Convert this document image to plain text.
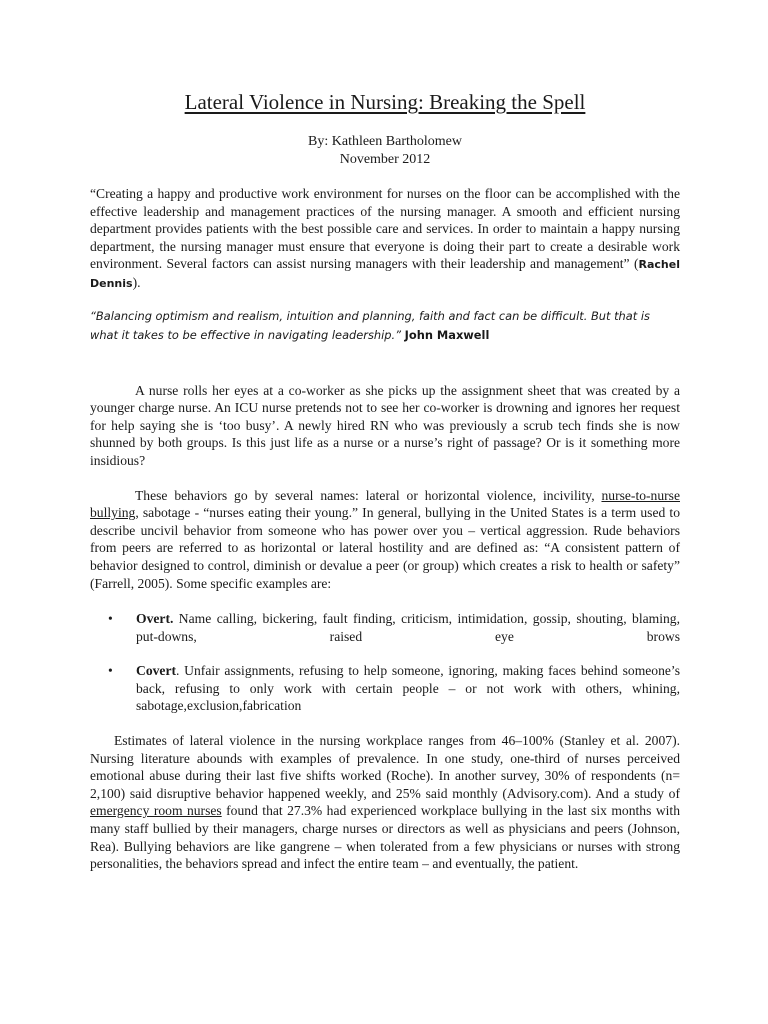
Lateral Violence in Nursing: Breaking the Spell
By: Kathleen Bartholomew
November 2012

“Creating a happy and productive work environment for nurses on the floor can be accomplished with the effective leadership and management practices of the nursing manager. A smooth and efficient nursing department provides patients with the best possible care and services. In order to maintain a happy nursing department, the nursing manager must ensure that everyone is doing their part to create a desirable work environment. Several factors can assist nursing managers with their leadership and management” (Rachel Dennis).

“Balancing optimism and realism, intuition and planning, faith and fact can be difficult. But that is what it takes to be effective in navigating leadership.” John Maxwell

A nurse rolls her eyes at a co-worker as she picks up the assignment sheet that was created by a younger charge nurse. An ICU nurse pretends not to see her co-worker is drowning and ignores her request for help saying she is ‘too busy’. A newly hired RN who was previously a scrub tech finds she is now shunned by both groups. Is this just life as a nurse or a nurse’s right of passage? Or is it something more insidious?

These behaviors go by several names: lateral or horizontal violence, incivility, nurse-to-nurse bullying, sabotage - “nurses eating their young.” In general, bullying in the United States is a term used to describe uncivil behavior from someone who has power over you – vertical aggression. Rude behaviors from peers are referred to as horizontal or lateral hostility and are defined as: “A consistent pattern of behavior designed to control, diminish or devalue a peer (or group) which creates a risk to health or safety” (Farrell, 2005). Some specific examples are:

• Overt. Name calling, bickering, fault finding, criticism, intimidation, gossip, shouting, blaming, put-downs, raised eye brows
• Covert. Unfair assignments, refusing to help someone, ignoring, making faces behind someone’s back, refusing to only work with certain people – or not work with others, whining, sabotage,exclusion,fabrication

Estimates of lateral violence in the nursing workplace ranges from 46–100% (Stanley et al. 2007). Nursing literature abounds with examples of prevalence. In one study, one-third of nurses perceived emotional abuse during their last five shifts worked (Roche). In another survey, 30% of respondents (n= 2,100) said disruptive behavior happened weekly, and 25% said monthly (Advisory.com). And a study of emergency room nurses found that 27.3% had experienced workplace bullying in the last six months with many staff bullied by their managers, charge nurses or directors as well as physicians and peers (Johnson, Rea). Bullying behaviors are like gangrene – when tolerated from a few physicians or nurses with strong personalities, the behaviors spread and infect the entire team – and eventually, the patient.
